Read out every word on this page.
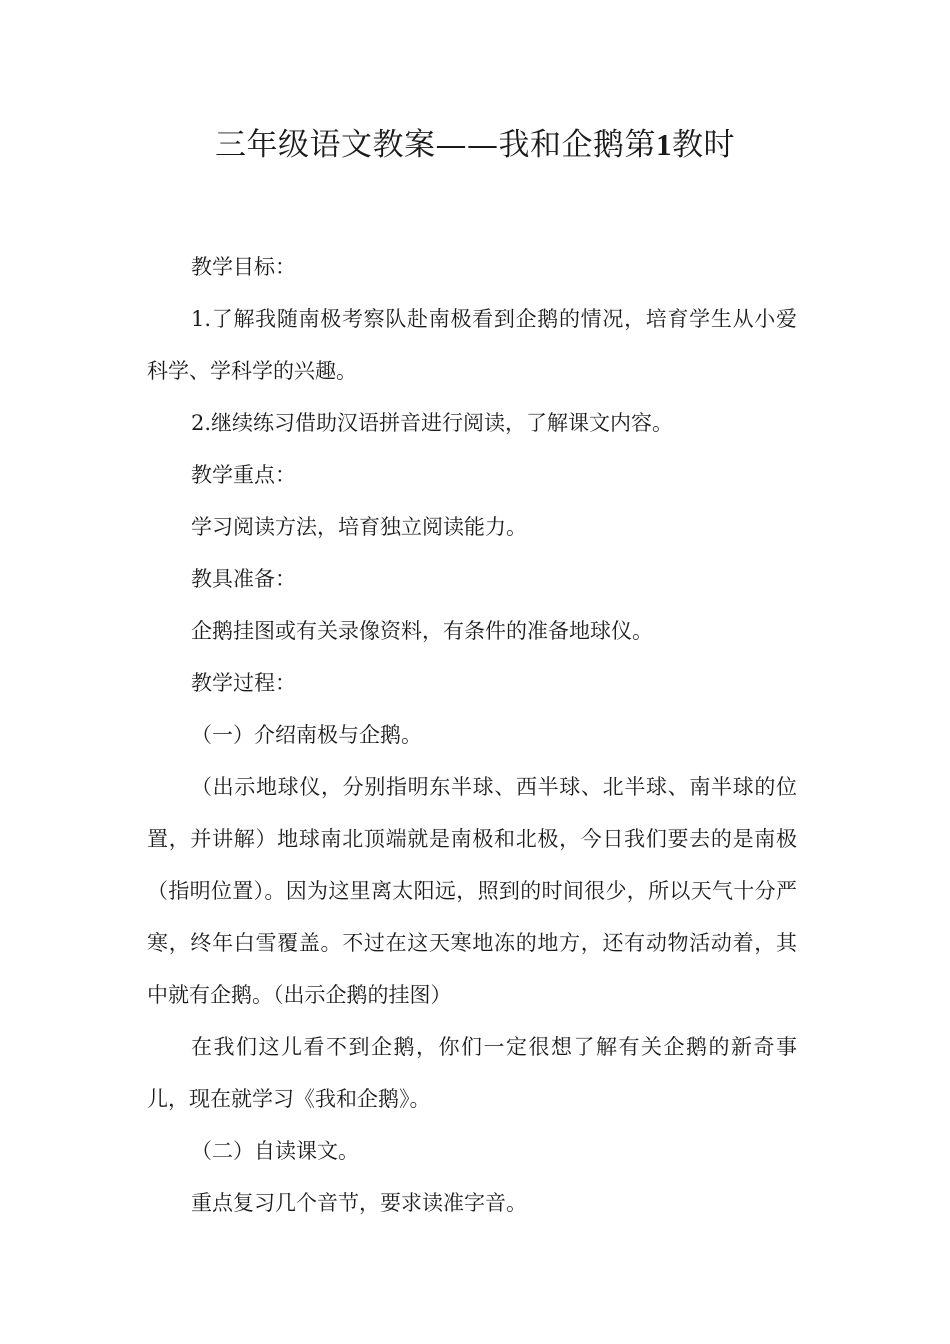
三年级语文教案——我和企鹅第1教时

教学目标：

1.了解我随南极考察队赴南极看到企鹅的情况，培育学生从小爱科学、学科学的兴趣。

2.继续练习借助汉语拼音进行阅读，了解课文内容。

教学重点：

学习阅读方法，培育独立阅读能力。

教具准备：

企鹅挂图或有关录像资料，有条件的准备地球仪。

教学过程：

（一）介绍南极与企鹅。

（出示地球仪，分别指明东半球、西半球、北半球、南半球的位置，并讲解）地球南北顶端就是南极和北极，今日我们要去的是南极（指明位置）。因为这里离太阳远，照到的时间很少，所以天气十分严寒，终年白雪覆盖。不过在这天寒地冻的地方，还有动物活动着，其中就有企鹅。（出示企鹅的挂图）

在我们这儿看不到企鹅，你们一定很想了解有关企鹅的新奇事儿，现在就学习《我和企鹅》。

（二）自读课文。

重点复习几个音节，要求读准字音。
